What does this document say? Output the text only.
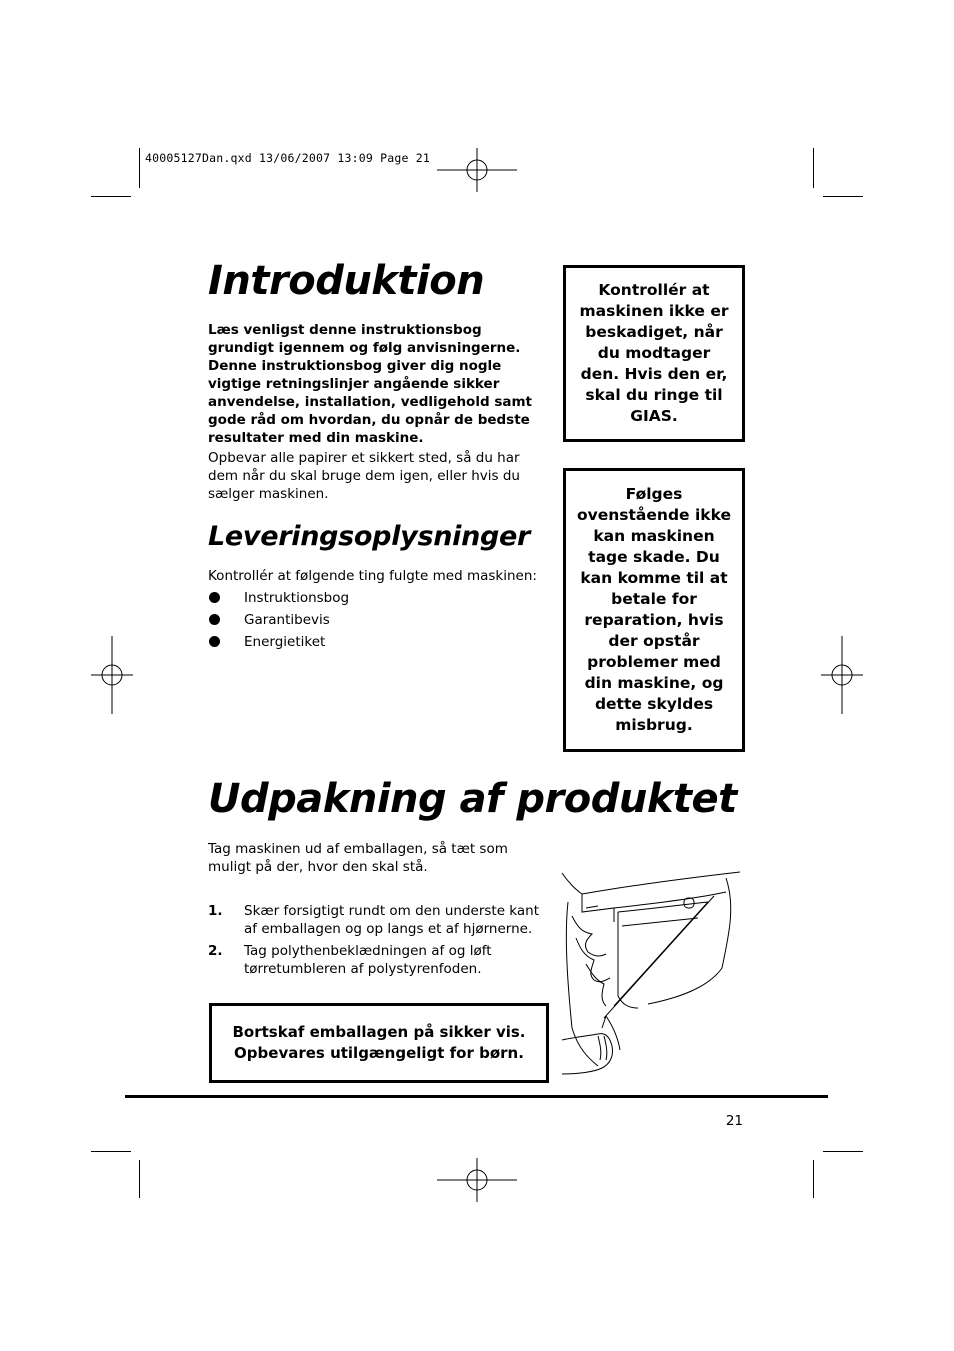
40005127Dan.qxd 13/06/2007 13:09 Page 21
Introduktion

Læs venligst denne instruktionsbog grundigt igennem og følg anvisningerne. Denne instruktionsbog giver dig nogle vigtige retningslinjer angående sikker anvendelse, installation, vedligehold samt gode råd om hvordan, du opnår de bedste resultater med din maskine.

Opbevar alle papirer et sikkert sted, så du har dem når du skal bruge dem igen, eller hvis du sælger maskinen.

Leveringsoplysninger

Kontrollér at følgende ting fulgte med maskinen:

Instruktionsbog
Garantibevis
Energietiket

Kontrollér at maskinen ikke er beskadiget, når du modtager den. Hvis den er, skal du ringe til GIAS.

Følges ovenstående ikke kan maskinen tage skade. Du kan komme til at betale for reparation, hvis der opstår problemer med din maskine, og dette skyldes misbrug.

Udpakning af produktet

Tag maskinen ud af emballagen, så tæt som muligt på der, hvor den skal stå.

1. Skær forsigtigt rundt om den underste kant af emballagen og op langs et af hjørnerne.
2. Tag polythenbeklædningen af og løft tørretumbleren af polystyrenfoden.

Bortskaf emballagen på sikker vis.

Opbevares utilgængeligt for børn.

21
